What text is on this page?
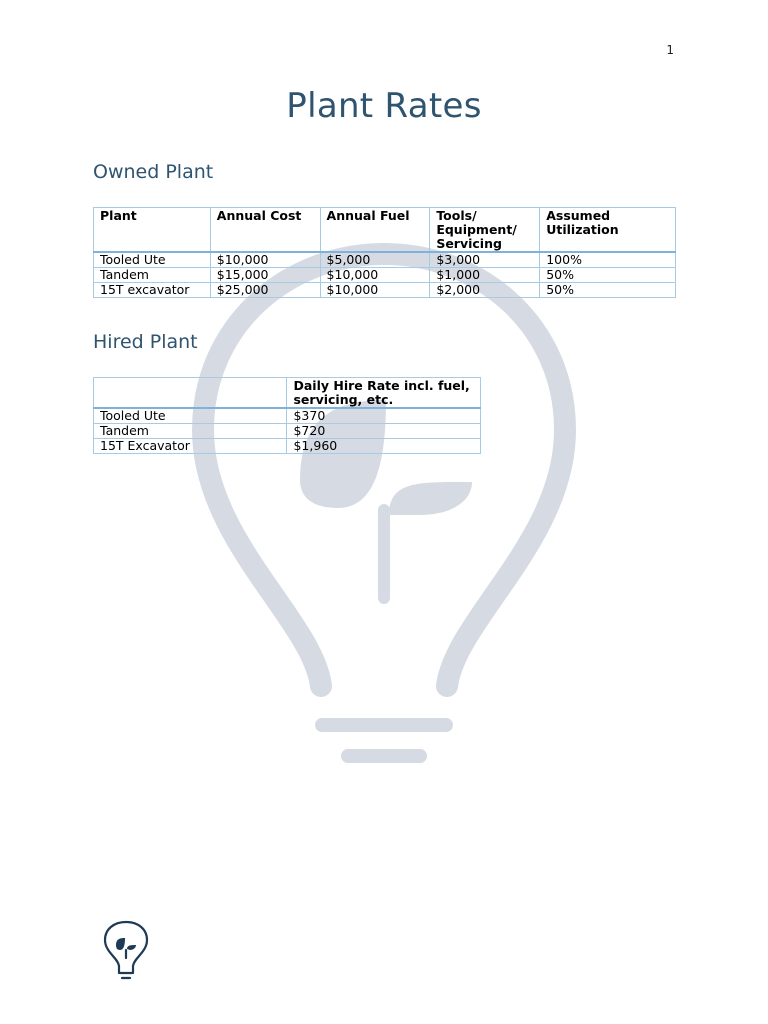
1
Plant Rates
Owned Plant
Plant	Annual Cost	Annual Fuel	Tools/ Equipment/ Servicing	Assumed Utilization
Tooled Ute	$10,000	$5,000	$3,000	100%
Tandem	$15,000	$10,000	$1,000	50%
15T excavator	$25,000	$10,000	$2,000	50%
Hired Plant
	Daily Hire Rate incl. fuel, servicing, etc.
Tooled Ute	$370
Tandem	$720
15T Excavator	$1,960
